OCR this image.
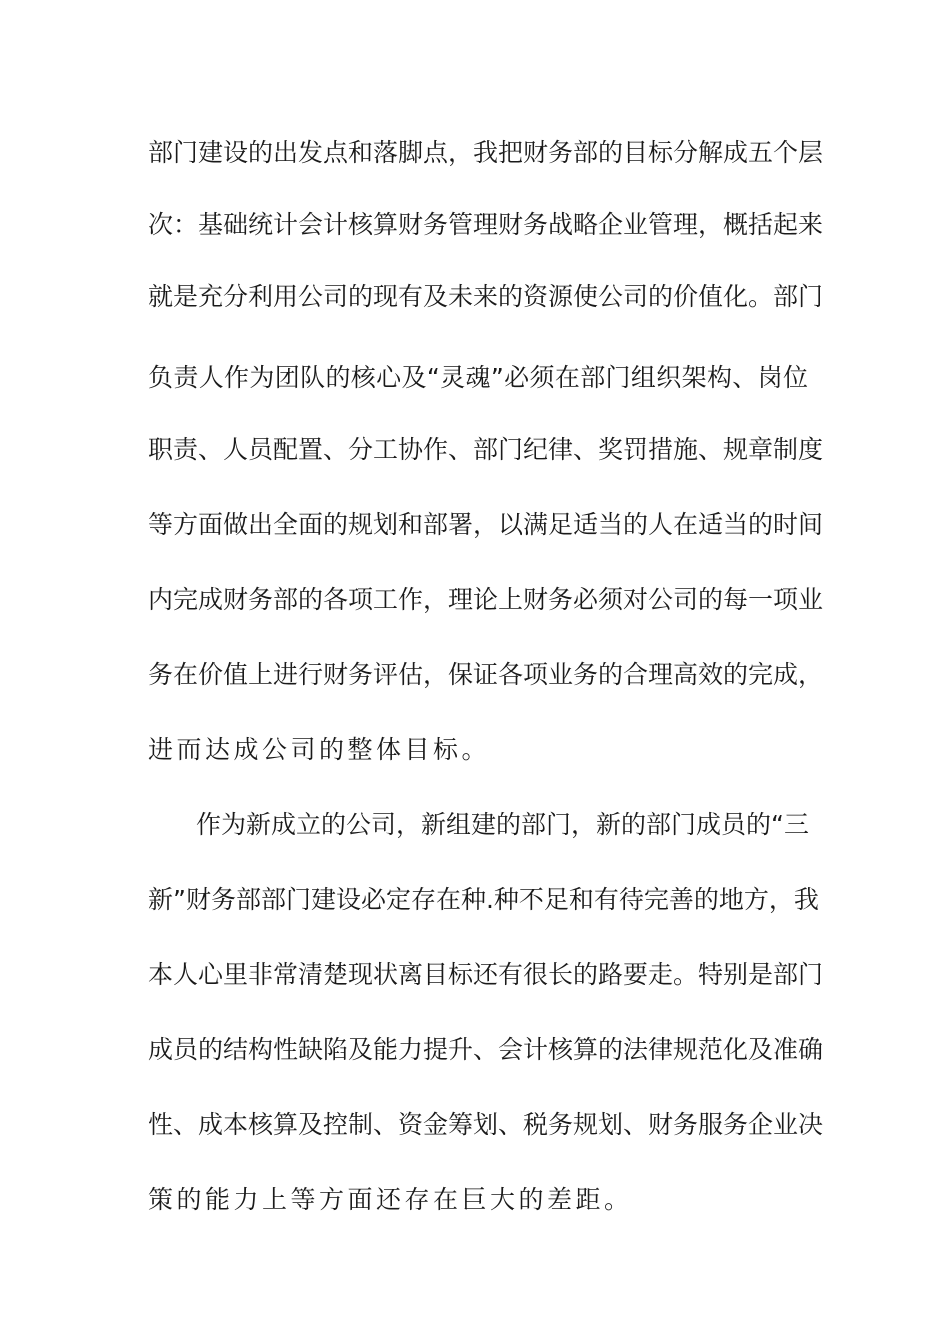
部门建设的出发点和落脚点，我把财务部的目标分解成五个层
次：基础统计会计核算财务管理财务战略企业管理，概括起来
就是充分利用公司的现有及未来的资源使公司的价值化。部门
负责人作为团队的核心及“灵魂”必须在部门组织架构、岗位
职责、人员配置、分工协作、部门纪律、奖罚措施、规章制度
等方面做出全面的规划和部署，以满足适当的人在适当的时间
内完成财务部的各项工作，理论上财务必须对公司的每一项业
务在价值上进行财务评估，保证各项业务的合理高效的完成，
进而达成公司的整体目标。
作为新成立的公司，新组建的部门，新的部门成员的“三
新”财务部部门建设必定存在种.种不足和有待完善的地方，我
本人心里非常清楚现状离目标还有很长的路要走。特别是部门
成员的结构性缺陷及能力提升、会计核算的法律规范化及准确
性、成本核算及控制、资金筹划、税务规划、财务服务企业决
策的能力上等方面还存在巨大的差距。
